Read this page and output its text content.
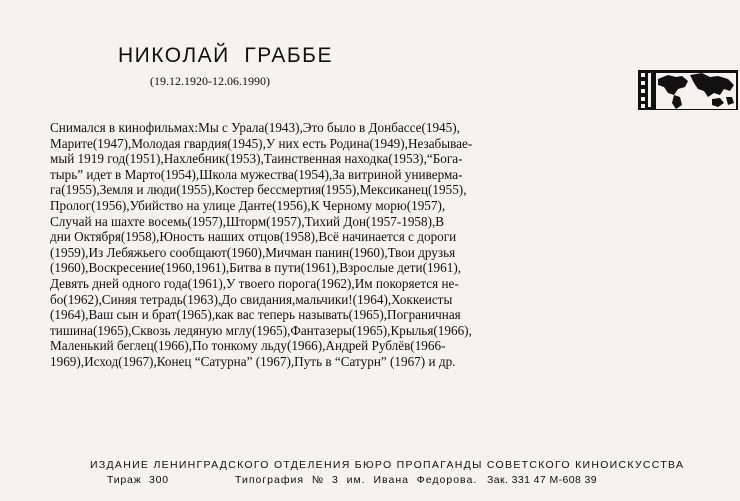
НИКОЛАЙ  ГРАББЕ
(19.12.1920-12.06.1990)
Снимался в кинофильмах:Мы с Урала(1943),Это было в Донбассе(1945),
Марите(1947),Молодая гвардия(1945),У них есть Родина(1949),Незабывае-
мый 1919 год(1951),Нахлебник(1953),Таинственная находка(1953),“Бога-
тырь” идет в Марто(1954),Школа мужества(1954),За витриной универма-
га(1955),Земля и люди(1955),Костер бессмертия(1955),Мексиканец(1955),
Пролог(1956),Убийство на улице Данте(1956),К Черному морю(1957),
Случай на шахте восемь(1957),Шторм(1957),Тихий Дон(1957-1958),В
дни Октября(1958),Юность наших отцов(1958),Всё начинается с дороги
(1959),Из Лебяжьего сообщают(1960),Мичман панин(1960),Твои друзья
(1960),Воскресение(1960,1961),Битва в пути(1961),Взрослые дети(1961),
Девять дней одного года(1961),У твоего порога(1962),Им покоряется не-
бо(1962),Синяя тетрадь(1963),До свидания,мальчики!(1964),Хоккеисты
(1964),Ваш сын и брат(1965),как вас теперь называть(1965),Пограничная
тишина(1965),Сквозь ледяную мглу(1965),Фантазеры(1965),Крылья(1966),
Маленький беглец(1966),По тонкому льду(1966),Андрей Рублёв(1966-
1969),Исход(1967),Конец “Сатурна” (1967),Путь в “Сатурн” (1967) и др.
ИЗДАНИЕ ЛЕНИНГРАДСКОГО ОТДЕЛЕНИЯ БЮРО ПРОПАГАНДЫ СОВЕТСКОГО КИНОИСКУССТВА
Тираж  300	Типография  №  3  им.  Ивана  Федорова. Зак. 331 47 М-608 39
